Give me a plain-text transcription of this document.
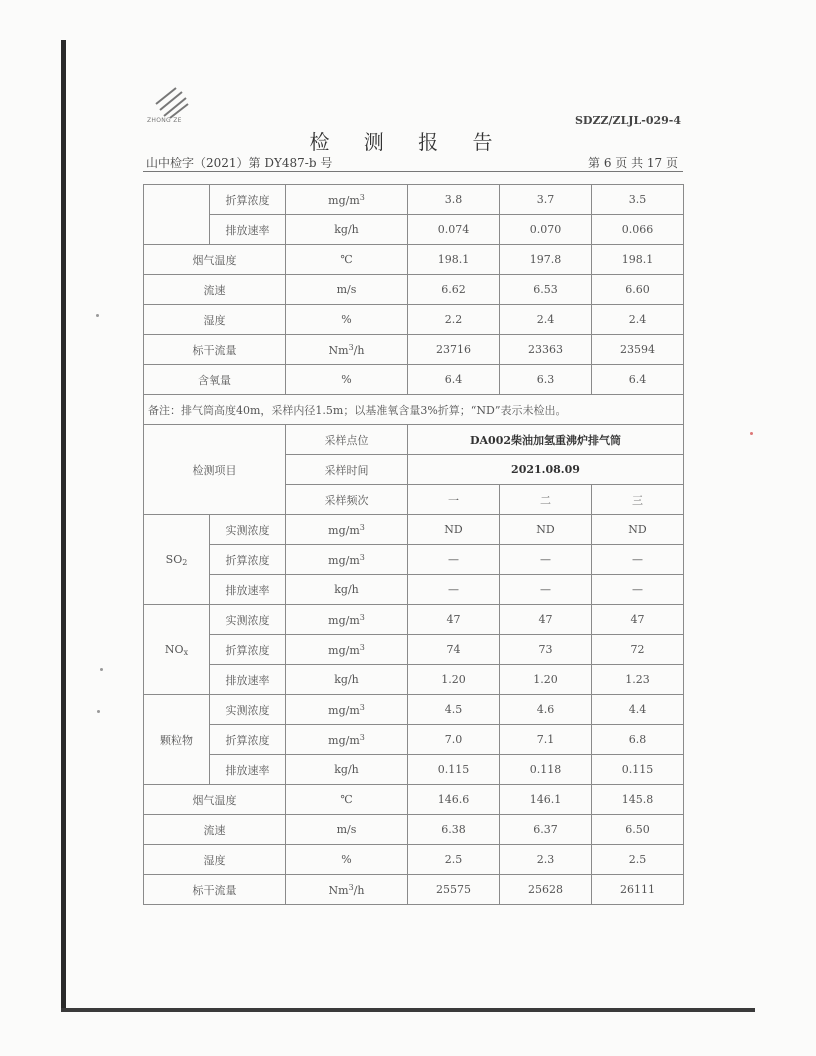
ZHONG ZE	SDZZ/ZLJL-029-4
检 测 报 告
山中检字（2021）第 DY487-b 号	第 6 页 共 17 页
	折算浓度	$mg/m^3$	3.8	3.7	3.5
	排放速率	kg/h	0.074	0.070	0.066
烟气温度		℃	198.1	197.8	198.1
流速		m/s	6.62	6.53	6.60
湿度		%	2.2	2.4	2.4
标干流量		Nm$^3$/h	23716	23363	23594
含氧量		%	6.4	6.3	6.4
备注：排气筒高度40m，采样内径1.5m；以基准氧含量3%折算；“ND”表示未检出。					
检测项目		采样点位	DA002柴油加氢重沸炉排气筒		
		采样时间	2021.08.09		
		采样频次	一	二	三
$SO_2$	实测浓度	$mg/m^3$	ND	ND	ND
	折算浓度	$mg/m^3$	—	—	—
	排放速率	kg/h	—	—	—
$NO_x$	实测浓度	$mg/m^3$	47	47	47
	折算浓度	$mg/m^3$	74	73	72
	排放速率	kg/h	1.20	1.20	1.23
颗粒物	实测浓度	$mg/m^3$	4.5	4.6	4.4
	折算浓度	$mg/m^3$	7.0	7.1	6.8
	排放速率	kg/h	0.115	0.118	0.115
烟气温度		℃	146.6	146.1	145.8
流速		m/s	6.38	6.37	6.50
湿度		%	2.5	2.3	2.5
标干流量		Nm$^3$/h	25575	25628	26111
